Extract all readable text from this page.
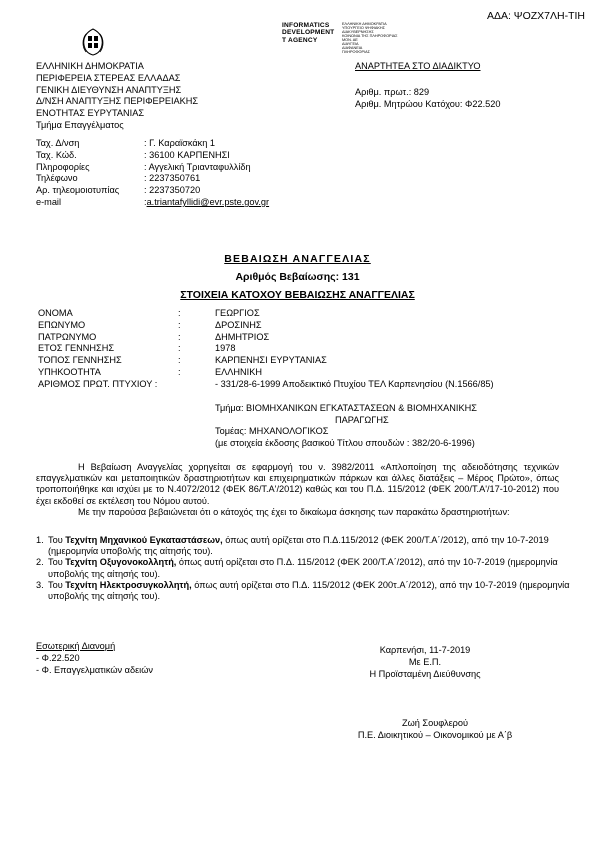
ΑΔΑ: ΨΟΖΧ7ΛΗ-ΤΙΗ
INFORMATICS
DEVELOPMENT
T AGENCY
ΕΛΛΗΝΙΚΗ ΔΗΜΟΚΡΑΤΙΑ
ΥΠΟΥΡΓΕΙΟ ΨΗΦΙΑΚΗΣ
ΔΙΑΚΥΒΕΡΝΗΣΗΣ
ΚΟΙΝΩΝΙΑ ΤΗΣ ΠΛΗΡΟΦΟΡΙΑΣ
ΜΟΝ. ΑΕ
ΔΙΑΥΓΕΙΑ
ΔΙΑΦΑΝΕΙΑ
ΠΛΗΡΟΦΟΡΙΑΣ
ΕΛΛΗΝΙΚΗ ΔΗΜΟΚΡΑΤΙΑ
ΠΕΡΙΦΕΡΕΙΑ ΣΤΕΡΕΑΣ ΕΛΛΑΔΑΣ
ΓΕΝΙΚΗ ΔΙΕΥΘΥΝΣΗ ΑΝΑΠΤΥΞΗΣ
Δ/ΝΣΗ ΑΝΑΠΤΥΞΗΣ ΠΕΡΙΦΕΡΕΙΑΚΗΣ
ΕΝΟΤΗΤΑΣ ΕΥΡΥΤΑΝΙΑΣ
Τμήμα Επαγγέλματος
ΑΝΑΡΤΗΤΕΑ ΣΤΟ ΔΙΑΔΙΚΤΥΟ
Αριθμ. πρωτ.: 829
Αριθμ. Μητρώου Κατόχου: Φ22.520
Ταχ. Δ/νση	: Γ. Καραϊσκάκη 1
Ταχ. Κώδ.	: 36100 ΚΑΡΠΕΝΗΣΙ
Πληροφορίες	: Αγγελική Τριανταφυλλίδη
Τηλέφωνο	: 2237350761
Αρ. τηλεομοιοτυπίας	: 2237350720
e-mail	:a.triantafyllidi@evr.pste.gov.gr
ΒΕΒΑΙΩΣΗ ΑΝΑΓΓΕΛΙΑΣ
Αριθμός Βεβαίωσης: 131
ΣΤΟΙΧΕΙΑ ΚΑΤΟΧΟΥ ΒΕΒΑΙΩΣΗΣ ΑΝΑΓΓΕΛΙΑΣ
ΟΝΟΜΑ	:	ΓΕΩΡΓΙΟΣ
ΕΠΩΝΥΜΟ	:	ΔΡΟΣΙΝΗΣ
ΠΑΤΡΩΝΥΜΟ	:	ΔΗΜΗΤΡΙΟΣ
ΕΤΟΣ ΓΕΝΝΗΣΗΣ	:	1978
ΤΟΠΟΣ ΓΕΝΝΗΣΗΣ	:	ΚΑΡΠΕΝΗΣΙ ΕΥΡΥΤΑΝΙΑΣ
ΥΠΗΚΟΟΤΗΤΑ	:	ΕΛΛΗΝΙΚΗ
ΑΡΙΘΜΟΣ ΠΡΩΤ. ΠΤΥΧΙΟΥ :	- 331/28-6-1999 Αποδεικτικό Πτυχίου ΤΕΛ Καρπενησίου (Ν.1566/85)
Τμήμα: ΒΙΟΜΗΧΑΝΙΚΩΝ ΕΓΚΑΤΑΣΤΑΣΕΩΝ & ΒΙΟΜΗΧΑΝΙΚΗΣ
ΠΑΡΑΓΩΓΗΣ
Τομέας: ΜΗΧΑΝΟΛΟΓΙΚΟΣ
(με στοιχεία έκδοσης βασικού Τίτλου σπουδών : 382/20-6-1996)

Η Βεβαίωση Αναγγελίας χορηγείται σε εφαρμογή του ν. 3982/2011 «Απλοποίηση της αδειοδότησης τεχνικών επαγγελματικών και μεταποιητικών δραστηριοτήτων και επιχειρηματικών πάρκων και άλλες διατάξεις – Μέρος Πρώτο», όπως τροποποιήθηκε και ισχύει με το Ν.4072/2012 (ΦΕΚ 86/Τ.Α'/2012) καθώς και του Π.Δ. 115/2012 (ΦΕΚ 200/Τ.Α'/17-10-2012) που έχει εκδοθεί σε εκτέλεση του Νόμου αυτού.

Με την παρούσα βεβαιώνεται ότι ο κάτοχός της έχει το δικαίωμα άσκησης των παρακάτω δραστηριοτήτων:

1. Του Τεχνίτη Μηχανικού Εγκαταστάσεων, όπως αυτή ορίζεται στο Π.Δ.115/2012 (ΦΕΚ 200/Τ.Α΄/2012), από την 10-7-2019 (ημερομηνία υποβολής της αίτησής του).
2. Του Τεχνίτη Οξυγονοκολλητή, όπως αυτή ορίζεται στο Π.Δ. 115/2012 (ΦΕΚ 200/Τ.Α΄/2012), από την 10-7-2019 (ημερομηνία υποβολής της αίτησής του).
3. Του Τεχνίτη Ηλεκτροσυγκολλητή, όπως αυτή ορίζεται στο Π.Δ. 115/2012 (ΦΕΚ 200τ.Α΄/2012), από την 10-7-2019 (ημερομηνία υποβολής της αίτησής του).
Εσωτερική Διανομή
- Φ.22.520
- Φ. Επαγγελματικών αδειών
Καρπενήσι, 11-7-2019
Με Ε.Π.
Η Προϊσταμένη Διεύθυνσης
Ζωή Σουφλερού
Π.Ε. Διοικητικού – Οικονομικού με Α΄β
